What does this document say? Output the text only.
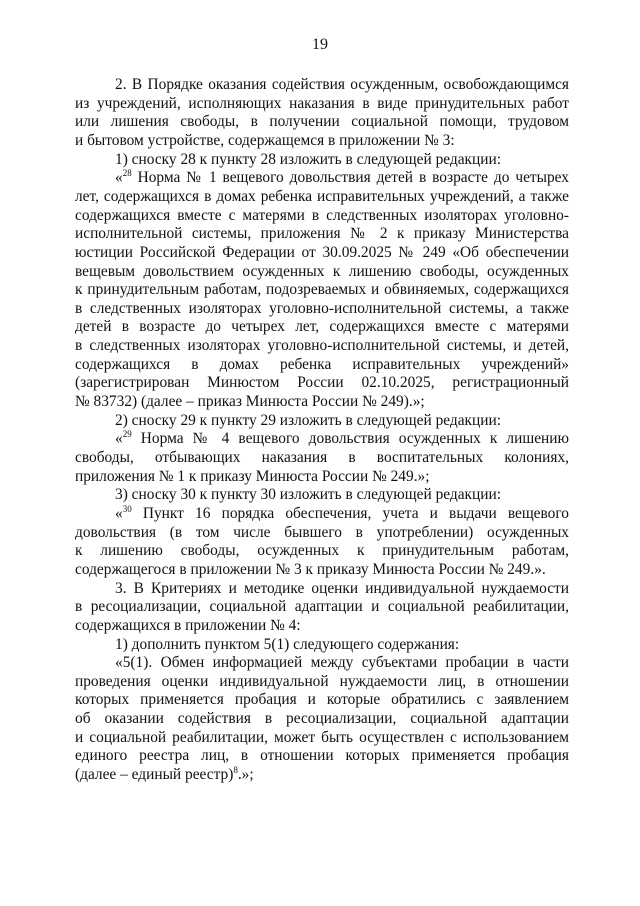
19
2. В Порядке оказания содействия осужденным, освобождающимся
из учреждений, исполняющих наказания в виде принудительных работ
или лишения свободы, в получении социальной помощи, трудовом
и бытовом устройстве, содержащемся в приложении № 3:
1) сноску 28 к пункту 28 изложить в следующей редакции:
«$^{28}$ Норма № 1 вещевого довольствия детей в возрасте до четырех
лет, содержащихся в домах ребенка исправительных учреждений, а также
содержащихся вместе с матерями в следственных изоляторах уголовно-
исполнительной системы, приложения № 2 к приказу Министерства
юстиции Российской Федерации от 30.09.2025 № 249 «Об обеспечении
вещевым довольствием осужденных к лишению свободы, осужденных
к принудительным работам, подозреваемых и обвиняемых, содержащихся
в следственных изоляторах уголовно-исполнительной системы, а также
детей в возрасте до четырех лет, содержащихся вместе с матерями
в следственных изоляторах уголовно-исполнительной системы, и детей,
содержащихся в домах ребенка исправительных учреждений»
(зарегистрирован Минюстом России 02.10.2025, регистрационный
№ 83732) (далее – приказ Минюста России № 249).»;
2) сноску 29 к пункту 29 изложить в следующей редакции:
«$^{29}$ Норма № 4 вещевого довольствия осужденных к лишению
свободы, отбывающих наказания в воспитательных колониях,
приложения № 1 к приказу Минюста России № 249.»;
3) сноску 30 к пункту 30 изложить в следующей редакции:
«$^{30}$ Пункт 16 порядка обеспечения, учета и выдачи вещевого
довольствия (в том числе бывшего в употреблении) осужденных
к лишению свободы, осужденных к принудительным работам,
содержащегося в приложении № 3 к приказу Минюста России № 249.».
3. В Критериях и методике оценки индивидуальной нуждаемости
в ресоциализации, социальной адаптации и социальной реабилитации,
содержащихся в приложении № 4:
1) дополнить пунктом 5(1) следующего содержания:
«5(1). Обмен информацией между субъектами пробации в части
проведения оценки индивидуальной нуждаемости лиц, в отношении
которых применяется пробация и которые обратились с заявлением
об оказании содействия в ресоциализации, социальной адаптации
и социальной реабилитации, может быть осуществлен с использованием
единого реестра лиц, в отношении которых применяется пробация
(далее – единый реестр)$^8$.»;
